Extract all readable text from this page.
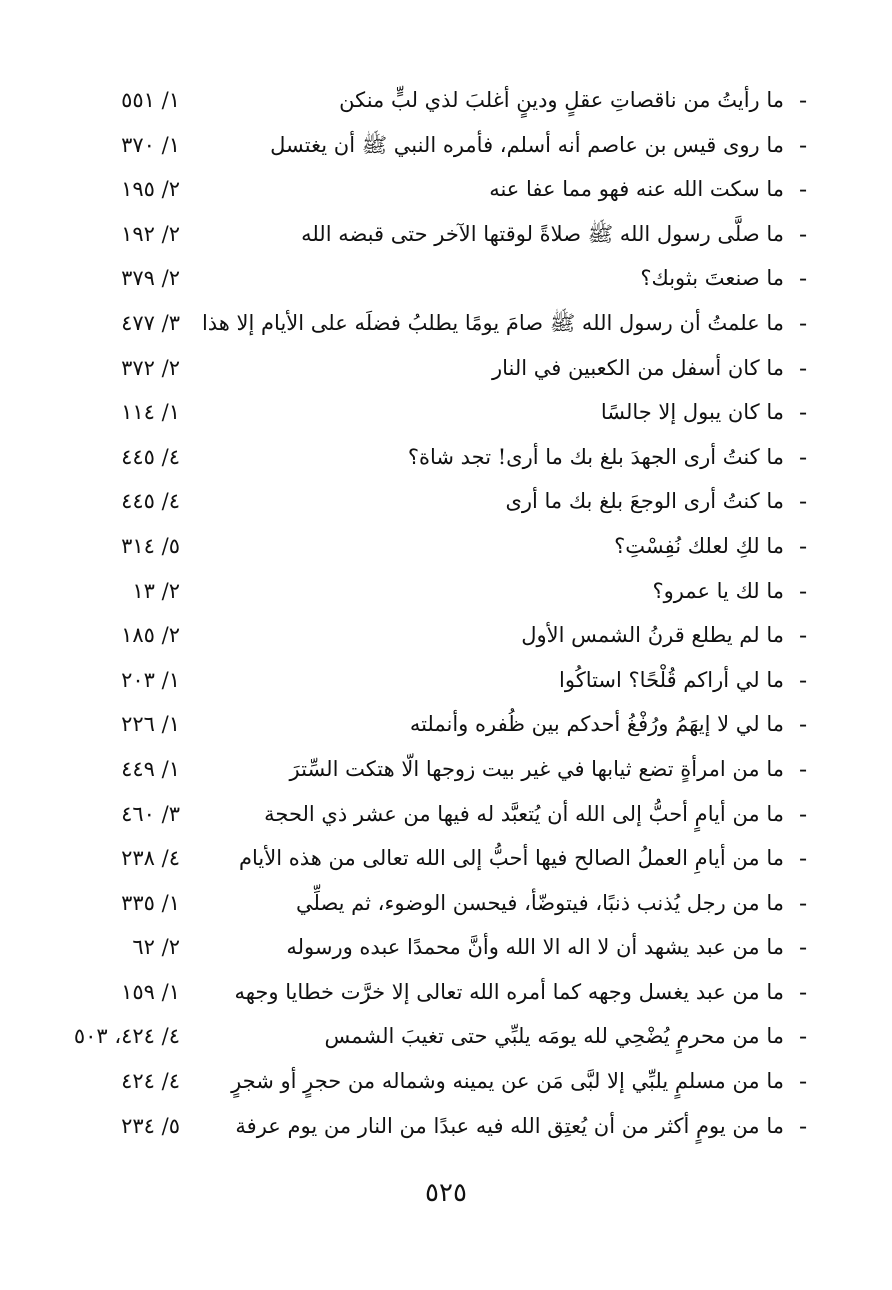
-
ما رأيتُ من ناقصاتِ عقلٍ ودينٍ أغلبَ لذي لبٍّ منكن
١/ ٥٥١
-
ما روى قيس بن عاصم أنه أسلم، فأمره النبي ﷺ أن يغتسل
١/ ٣٧٠
-
ما سكت الله عنه فهو مما عفا عنه
٢/ ١٩٥
-
ما صلَّى رسول الله ﷺ صلاةً لوقتها الآخر حتى قبضه الله
٢/ ١٩٢
-
ما صنعتَ بثوبك؟
٢/ ٣٧٩
-
ما علمتُ أن رسول الله ﷺ صامَ يومًا يطلبُ فضلَه على الأيام إلا هذا
٣/ ٤٧٧
-
ما كان أسفل من الكعبين في النار
٢/ ٣٧٢
-
ما كان يبول إلا جالسًا
١/ ١١٤
-
ما كنتُ أرى الجهدَ بلغ بك ما أرى! تجد شاة؟
٤/ ٤٤٥
-
ما كنتُ أرى الوجعَ بلغ بك ما أرى
٤/ ٤٤٥
-
ما لكِ لعلك نُفِسْتِ؟
٥/ ٣١٤
-
ما لك يا عمرو؟
٢/ ١٣
-
ما لم يطلع قرنُ الشمس الأول
٢/ ١٨٥
-
ما لي أراكم قُلْحًا؟ استاكُوا
١/ ٢٠٣
-
ما لي لا إيهَمُ ورُفْغُ أحدكم بين ظُفره وأنملته
١/ ٢٢٦
-
ما من امرأةٍ تضع ثيابها في غير بيت زوجها الّا هتكت السِّترَ
١/ ٤٤٩
-
ما من أيامٍ أحبُّ إلى الله أن يُتعبَّد له فيها من عشر ذي الحجة
٣/ ٤٦٠
-
ما من أيامِ العملُ الصالح فيها أحبُّ إلى الله تعالى من هذه الأيام
٤/ ٢٣٨
-
ما من رجل يُذنب ذنبًا، فيتوضّأ، فيحسن الوضوء، ثم يصلِّي
١/ ٣٣٥
-
ما من عبد يشهد أن لا اله الا الله وأنَّ محمدًا عبده ورسوله
٢/ ٦٢
-
ما من عبد يغسل وجهه كما أمره الله تعالى إلا خرَّت خطايا وجهه
١/ ١٥٩
-
ما من محرمٍ يُضْحِي لله يومَه يلبِّي حتى تغيبَ الشمس
٤/ ٤٢٤، ٥٠٣
-
ما من مسلمٍ يلبِّي إلا لبَّى مَن عن يمينه وشماله من حجرٍ أو شجرٍ
٤/ ٤٢٤
-
ما من يومٍ أكثر من أن يُعتِق الله فيه عبدًا من النار من يوم عرفة
٥/ ٢٣٤
٥٢٥
